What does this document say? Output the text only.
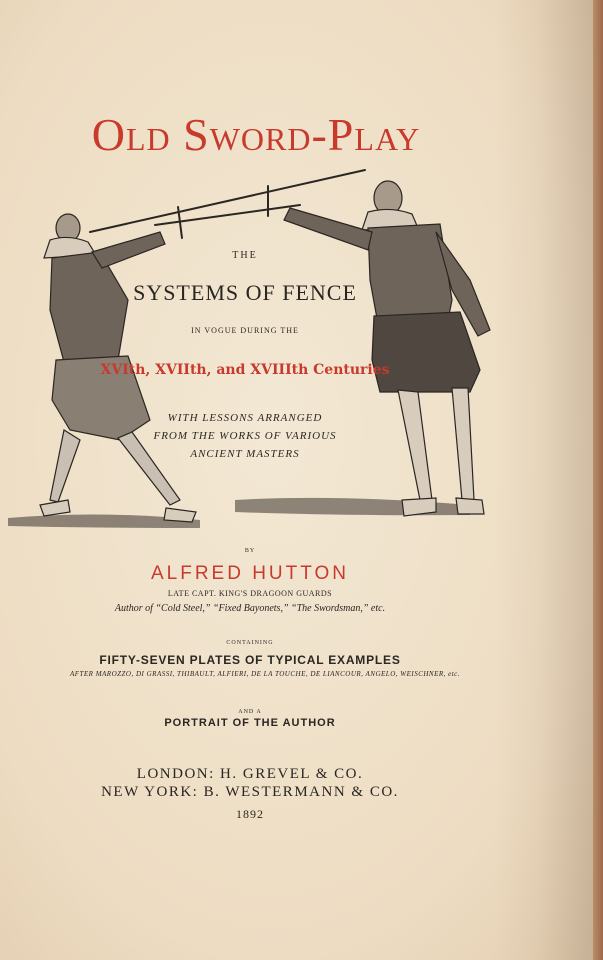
Old Sword-Play
THE
SYSTEMS OF FENCE
IN VOGUE DURING THE
XVIth, XVIIth, and XVIIIth Centuries
WITH LESSONS ARRANGED
FROM THE WORKS OF VARIOUS
ANCIENT MASTERS
BY
ALFRED HUTTON
LATE CAPT. KING'S DRAGOON GUARDS
Author of “Cold Steel,” “Fixed Bayonets,” “The Swordsman,” etc.
CONTAINING
FIFTY-SEVEN PLATES OF TYPICAL EXAMPLES
AFTER MAROZZO, DI GRASSI, THIBAULT, ALFIERI, DE LA TOUCHE, DE LIANCOUR, ANGELO, WEISCHNER, etc.
AND A
PORTRAIT OF THE AUTHOR
LONDON: H. GREVEL & CO.
NEW YORK: B. WESTERMANN & CO.
1892
